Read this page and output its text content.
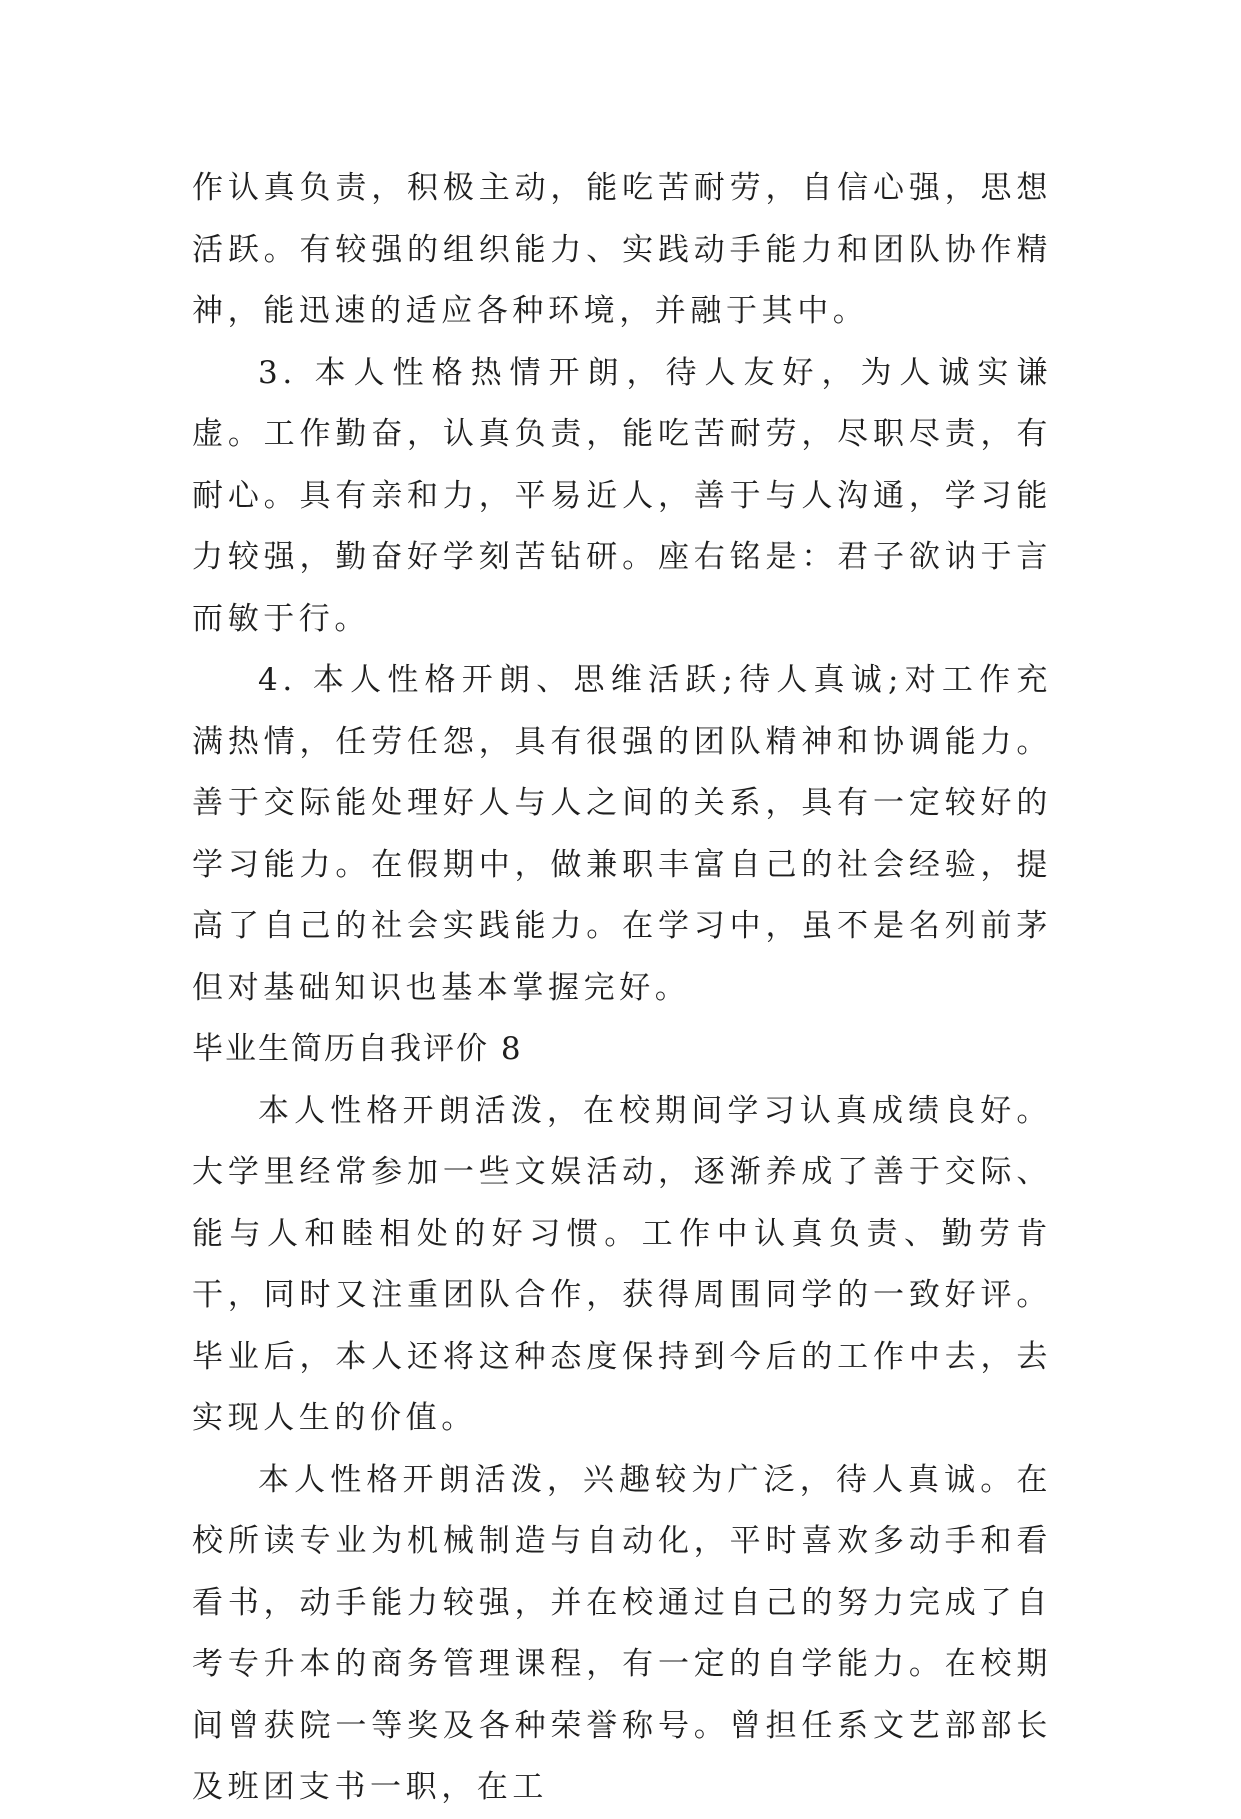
作认真负责，积极主动，能吃苦耐劳，自信心强，思想活跃。有较强的组织能力、实践动手能力和团队协作精神，能迅速的适应各种环境，并融于其中。

3. 本人性格热情开朗，待人友好，为人诚实谦虚。工作勤奋，认真负责，能吃苦耐劳，尽职尽责，有耐心。具有亲和力，平易近人，善于与人沟通，学习能力较强，勤奋好学刻苦钻研。座右铭是：君子欲讷于言而敏于行。

4. 本人性格开朗、思维活跃;待人真诚;对工作充满热情，任劳任怨，具有很强的团队精神和协调能力。善于交际能处理好人与人之间的关系，具有一定较好的学习能力。在假期中，做兼职丰富自己的社会经验，提高了自己的社会实践能力。在学习中，虽不是名列前茅但对基础知识也基本掌握完好。

毕业生简历自我评价 8

本人性格开朗活泼，在校期间学习认真成绩良好。大学里经常参加一些文娱活动，逐渐养成了善于交际、能与人和睦相处的好习惯。工作中认真负责、勤劳肯干，同时又注重团队合作，获得周围同学的一致好评。毕业后，本人还将这种态度保持到今后的工作中去，去实现人生的价值。

本人性格开朗活泼，兴趣较为广泛，待人真诚。在校所读专业为机械制造与自动化，平时喜欢多动手和看看书，动手能力较强，并在校通过自己的努力完成了自考专升本的商务管理课程，有一定的自学能力。在校期间曾获院一等奖及各种荣誉称号。曾担任系文艺部部长及班团支书一职，在工
